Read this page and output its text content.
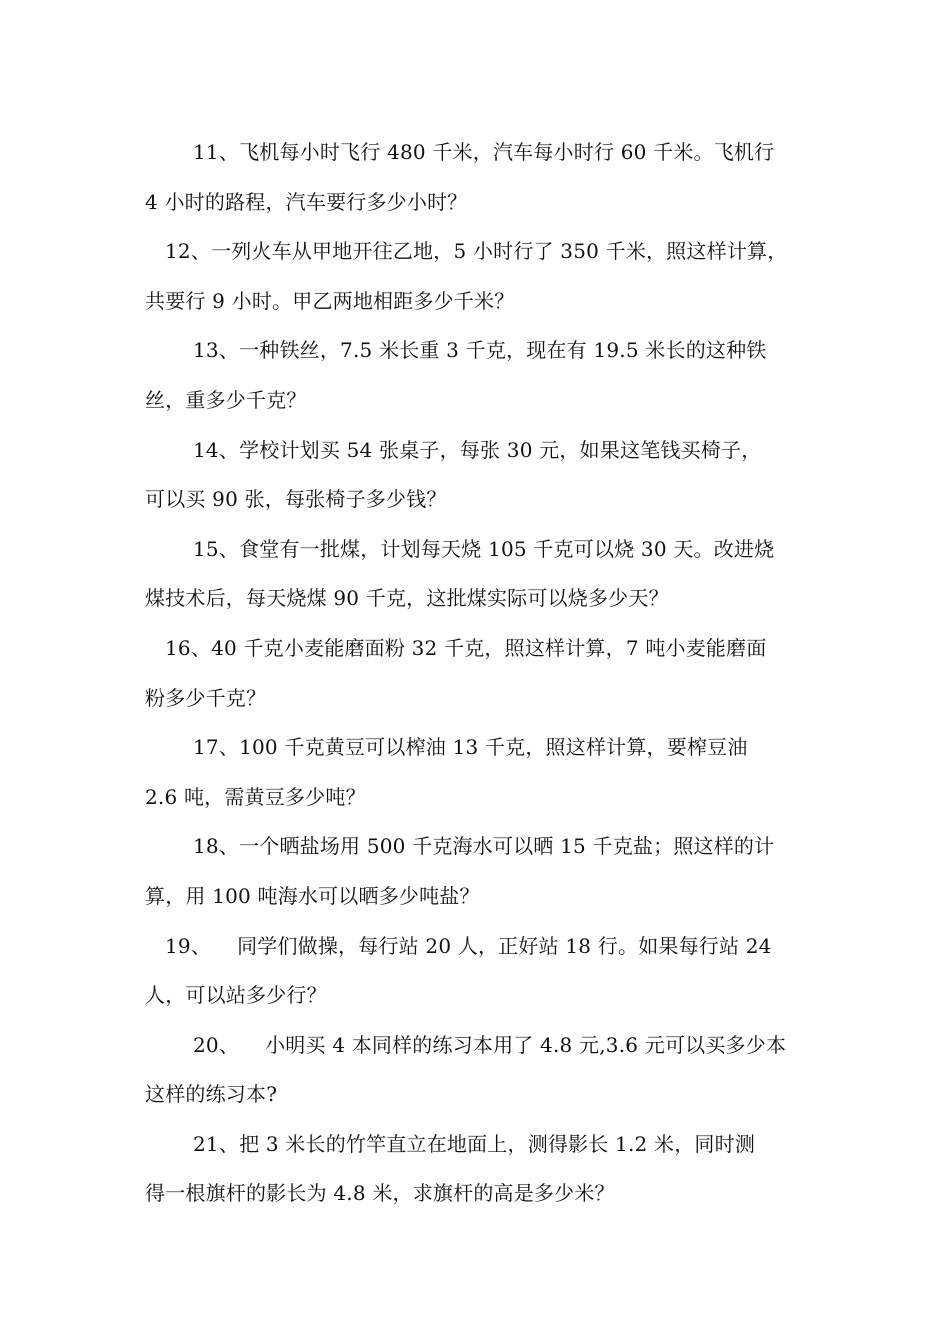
11、飞机每小时飞行 480 千米，汽车每小时行 60 千米。飞机行
4 小时的路程，汽车要行多少小时？
12、一列火车从甲地开往乙地，5 小时行了 350 千米，照这样计算，
共要行 9 小时。甲乙两地相距多少千米？
13、一种铁丝，7.5 米长重 3 千克，现在有 19.5 米长的这种铁
丝，重多少千克？
14、学校计划买 54 张桌子，每张 30 元，如果这笔钱买椅子，
可以买 90 张，每张椅子多少钱？
15、食堂有一批煤，计划每天烧 105 千克可以烧 30 天。改进烧
煤技术后，每天烧煤 90 千克，这批煤实际可以烧多少天？
16、40 千克小麦能磨面粉 32 千克，照这样计算，7 吨小麦能磨面
粉多少千克？
17、100 千克黄豆可以榨油 13 千克，照这样计算，要榨豆油
2.6 吨，需黄豆多少吨？
18、一个晒盐场用 500 千克海水可以晒 15 千克盐；照这样的计
算，用 100 吨海水可以晒多少吨盐？
19、 同学们做操，每行站 20 人，正好站 18 行。如果每行站 24
人，可以站多少行？
20、 小明买 4 本同样的练习本用了 4.8 元,3.6 元可以买多少本
这样的练习本?
21、把 3 米长的竹竿直立在地面上，测得影长 1.2 米，同时测
得一根旗杆的影长为 4.8 米，求旗杆的高是多少米？
